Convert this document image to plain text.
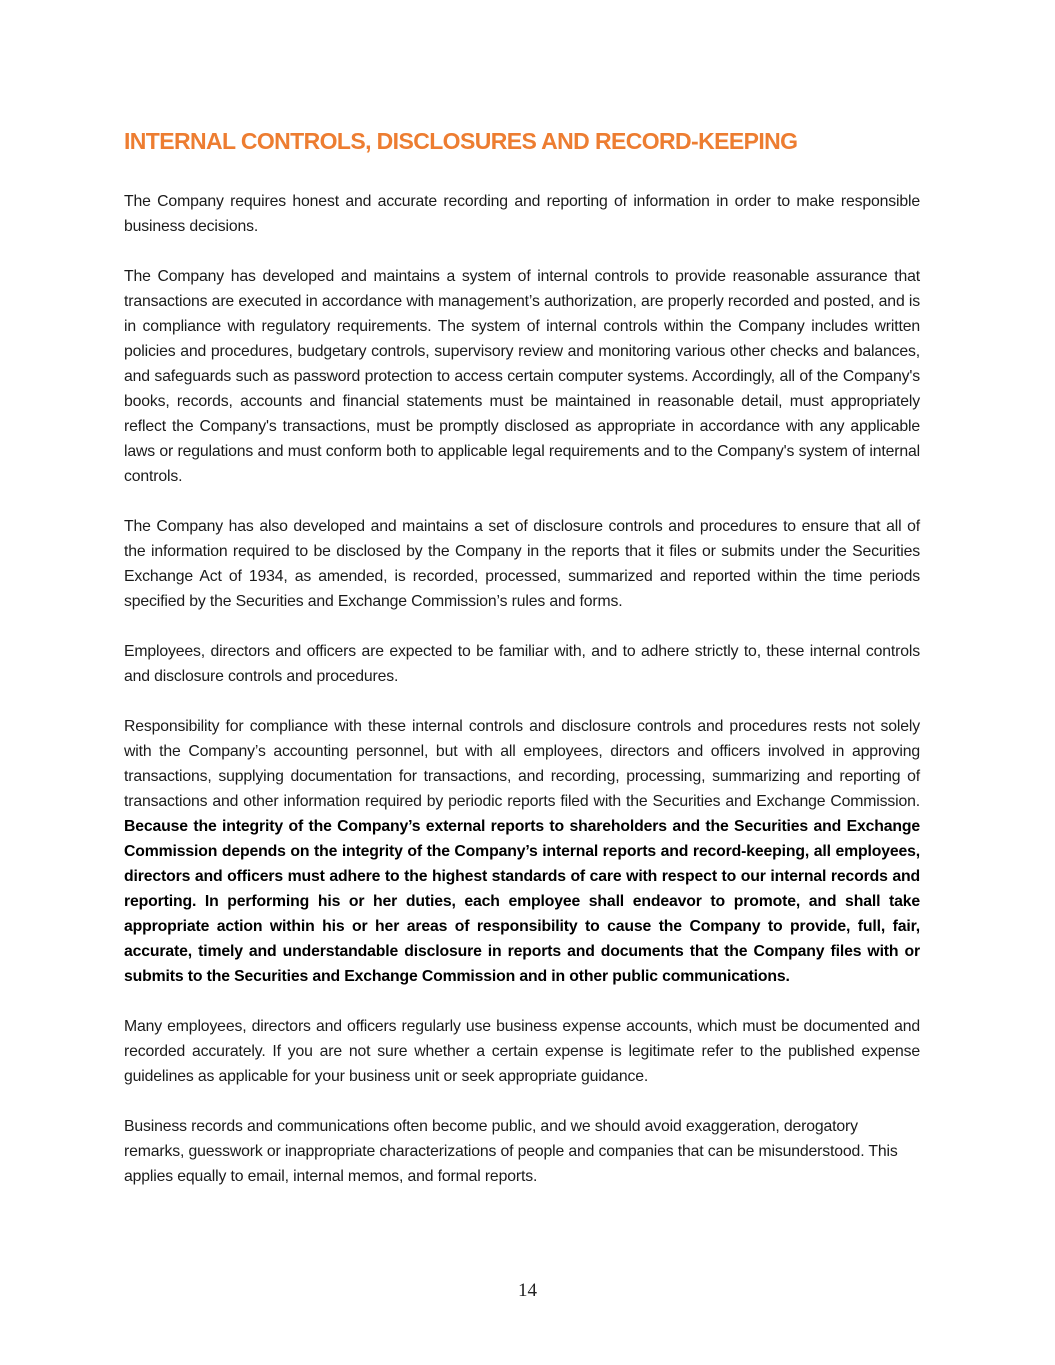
INTERNAL CONTROLS, DISCLOSURES AND RECORD-KEEPING

The Company requires honest and accurate recording and reporting of information in order to make responsible business decisions.

The Company has developed and maintains a system of internal controls to provide reasonable assurance that transactions are executed in accordance with management’s authorization, are properly recorded and posted, and is in compliance with regulatory requirements. The system of internal controls within the Company includes written policies and procedures, budgetary controls, supervisory review and monitoring various other checks and balances, and safeguards such as password protection to access certain computer systems. Accordingly, all of the Company's books, records, accounts and financial statements must be maintained in reasonable detail, must appropriately reflect the Company's transactions, must be promptly disclosed as appropriate in accordance with any applicable laws or regulations and must conform both to applicable legal requirements and to the Company's system of internal controls.

The Company has also developed and maintains a set of disclosure controls and procedures to ensure that all of the information required to be disclosed by the Company in the reports that it files or submits under the Securities Exchange Act of 1934, as amended, is recorded, processed, summarized and reported within the time periods specified by the Securities and Exchange Commission’s rules and forms.

Employees, directors and officers are expected to be familiar with, and to adhere strictly to, these internal controls and disclosure controls and procedures.

Responsibility for compliance with these internal controls and disclosure controls and procedures rests not solely with the Company’s accounting personnel, but with all employees, directors and officers involved in approving transactions, supplying documentation for transactions, and recording, processing, summarizing and reporting of transactions and other information required by periodic reports filed with the Securities and Exchange Commission. Because the integrity of the Company’s external reports to shareholders and the Securities and Exchange Commission depends on the integrity of the Company’s internal reports and record-keeping, all employees, directors and officers must adhere to the highest standards of care with respect to our internal records and reporting. In performing his or her duties, each employee shall endeavor to promote, and shall take appropriate action within his or her areas of responsibility to cause the Company to provide, full, fair, accurate, timely and understandable disclosure in reports and documents that the Company files with or submits to the Securities and Exchange Commission and in other public communications.

Many employees, directors and officers regularly use business expense accounts, which must be documented and recorded accurately. If you are not sure whether a certain expense is legitimate refer to the published expense guidelines as applicable for your business unit or seek appropriate guidance.

Business records and communications often become public, and we should avoid exaggeration, derogatory remarks, guesswork or inappropriate characterizations of people and companies that can be misunderstood. This applies equally to email, internal memos, and formal reports.

14
